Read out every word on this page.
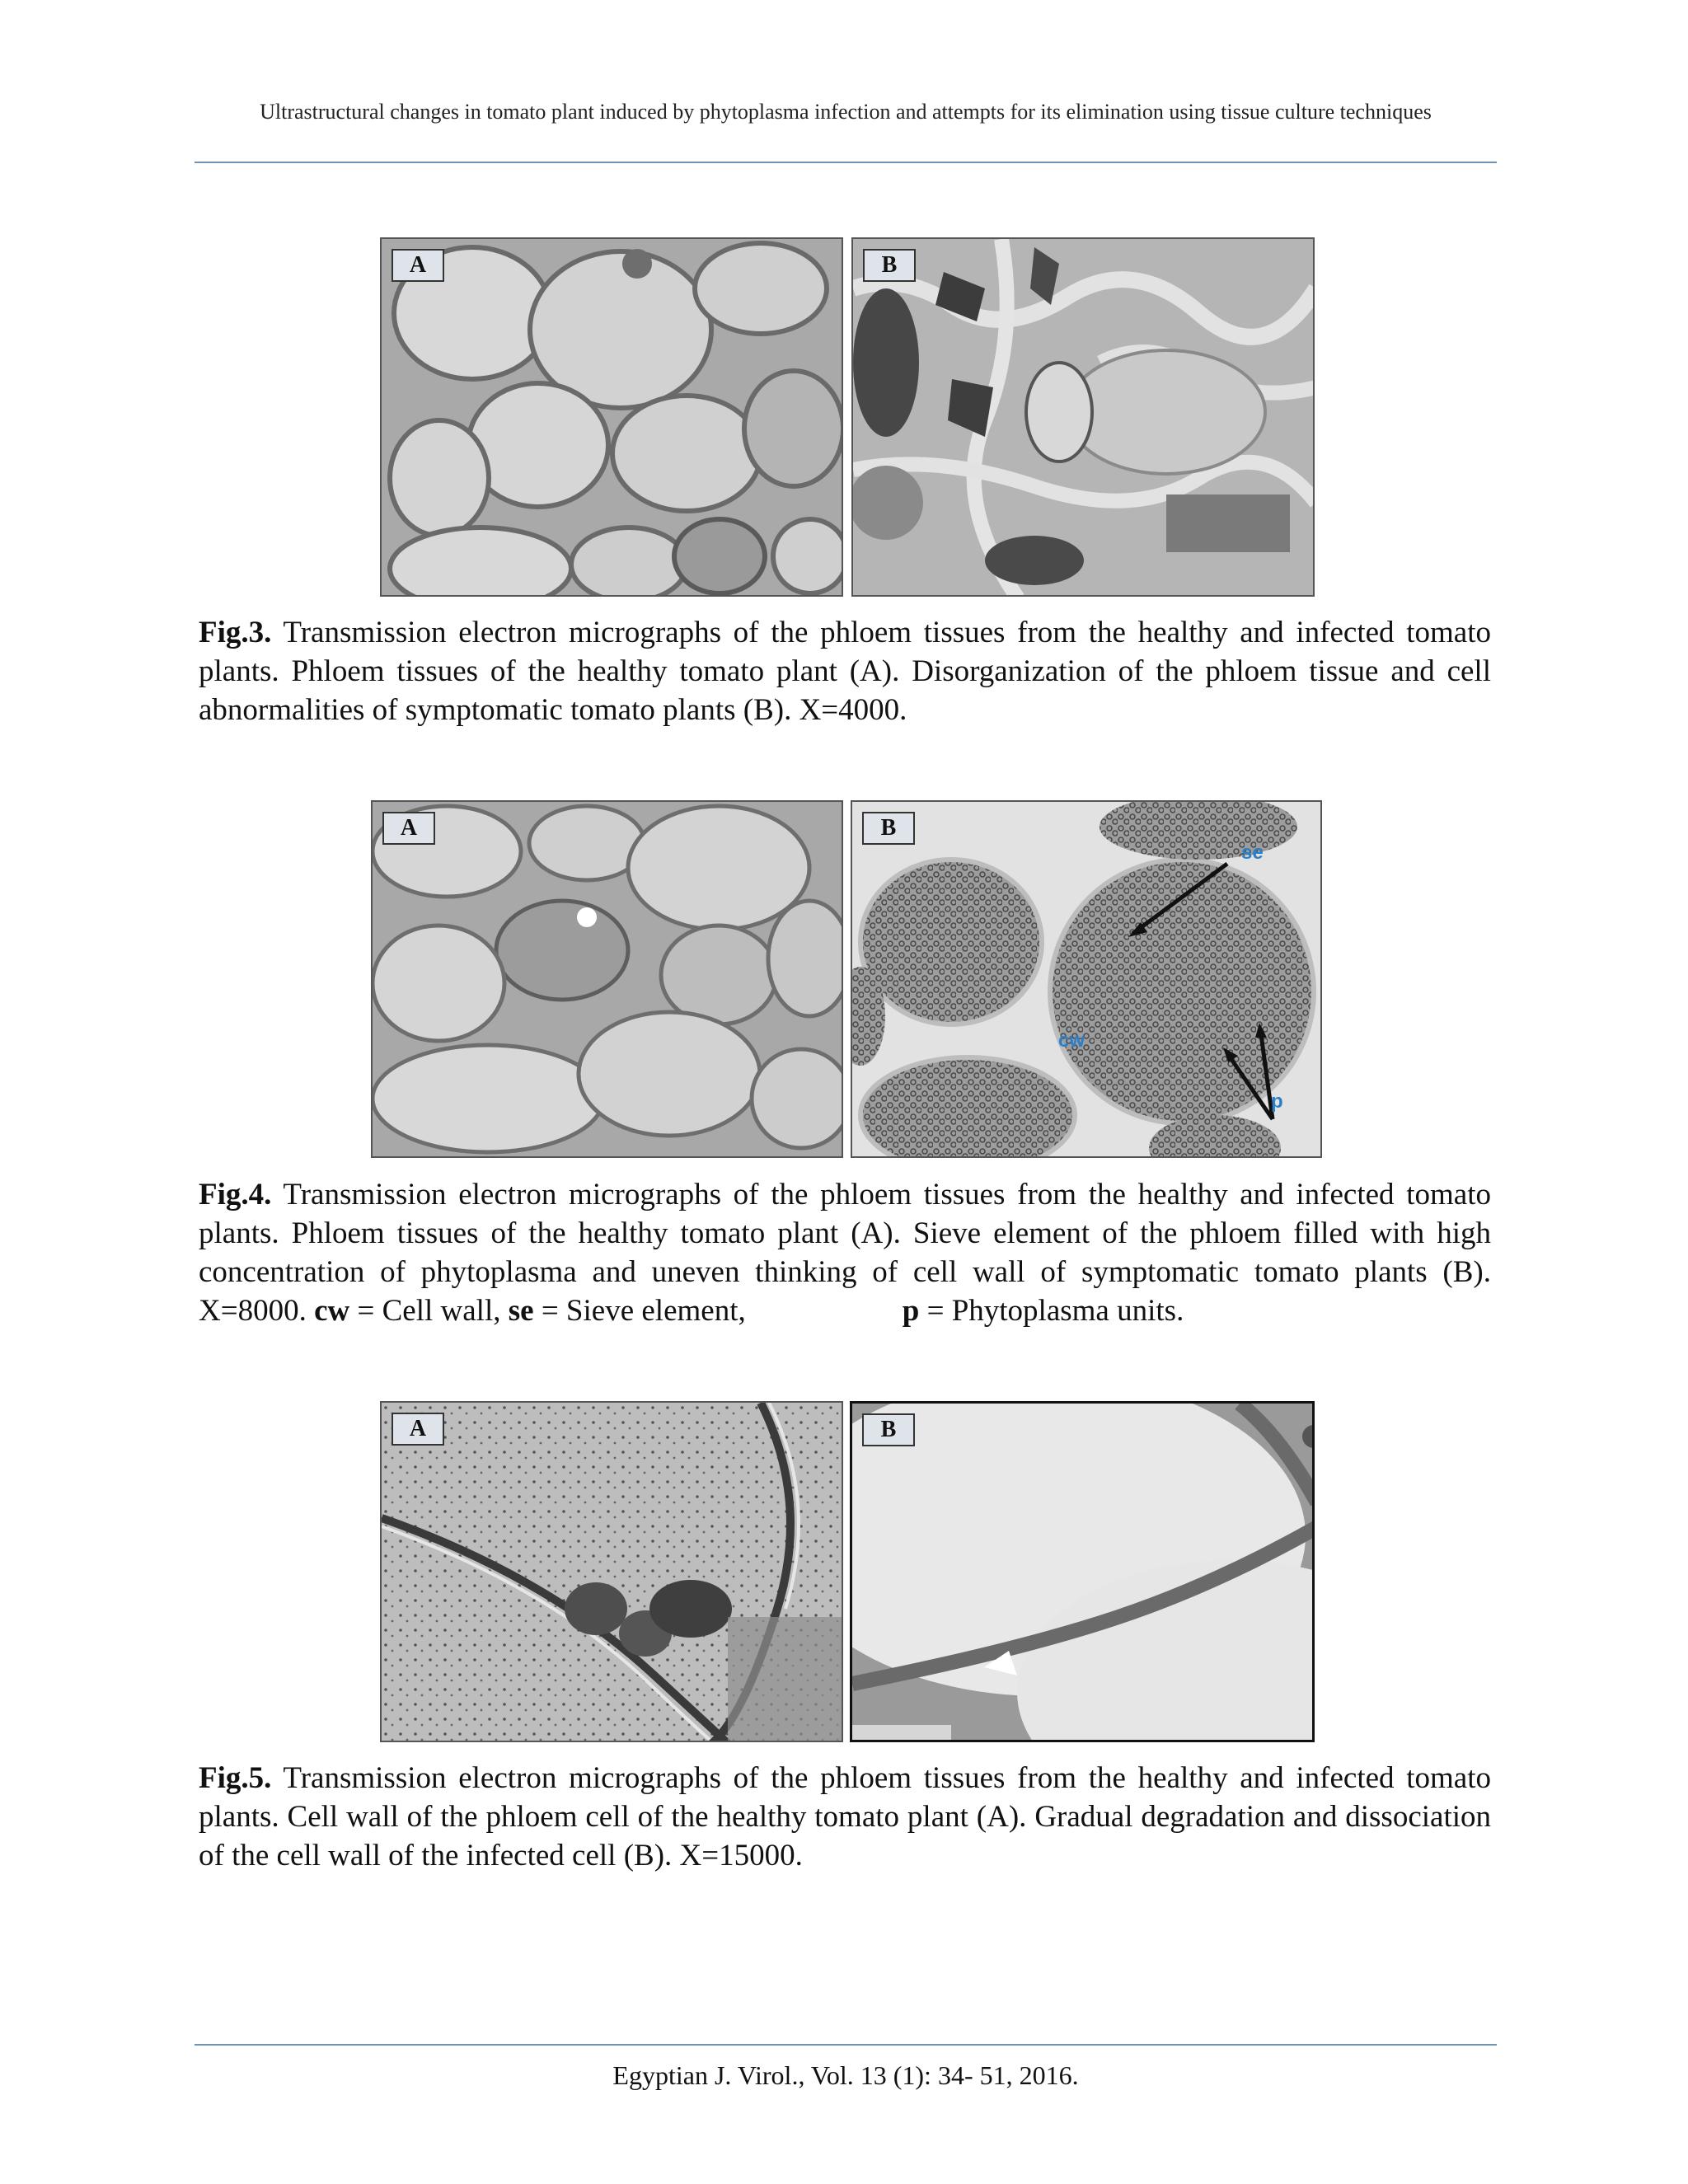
Ultrastructural changes in tomato plant induced by phytoplasma infection and attempts for its elimination using tissue culture techniques
A	B
Fig.3. Transmission electron micrographs of the phloem tissues from the healthy and infected tomato plants. Phloem tissues of the healthy tomato plant (A). Disorganization of the phloem tissue and cell abnormalities of symptomatic tomato plants (B). X=4000.
A	B
se
cw
p
Fig.4. Transmission electron micrographs of the phloem tissues from the healthy and infected tomato plants. Phloem tissues of the healthy tomato plant (A). Sieve element of the phloem filled with high concentration of phytoplasma and uneven thinking of cell wall of symptomatic tomato plants (B). X=8000. cw = Cell wall, se = Sieve element,	p = Phytoplasma units.
A	B
Fig.5. Transmission electron micrographs of the phloem tissues from the healthy and infected tomato plants. Cell wall of the phloem cell of the healthy tomato plant (A). Gradual degradation and dissociation of the cell wall of the infected cell (B). X=15000.
Egyptian J. Virol., Vol. 13 (1): 34- 51, 2016.
